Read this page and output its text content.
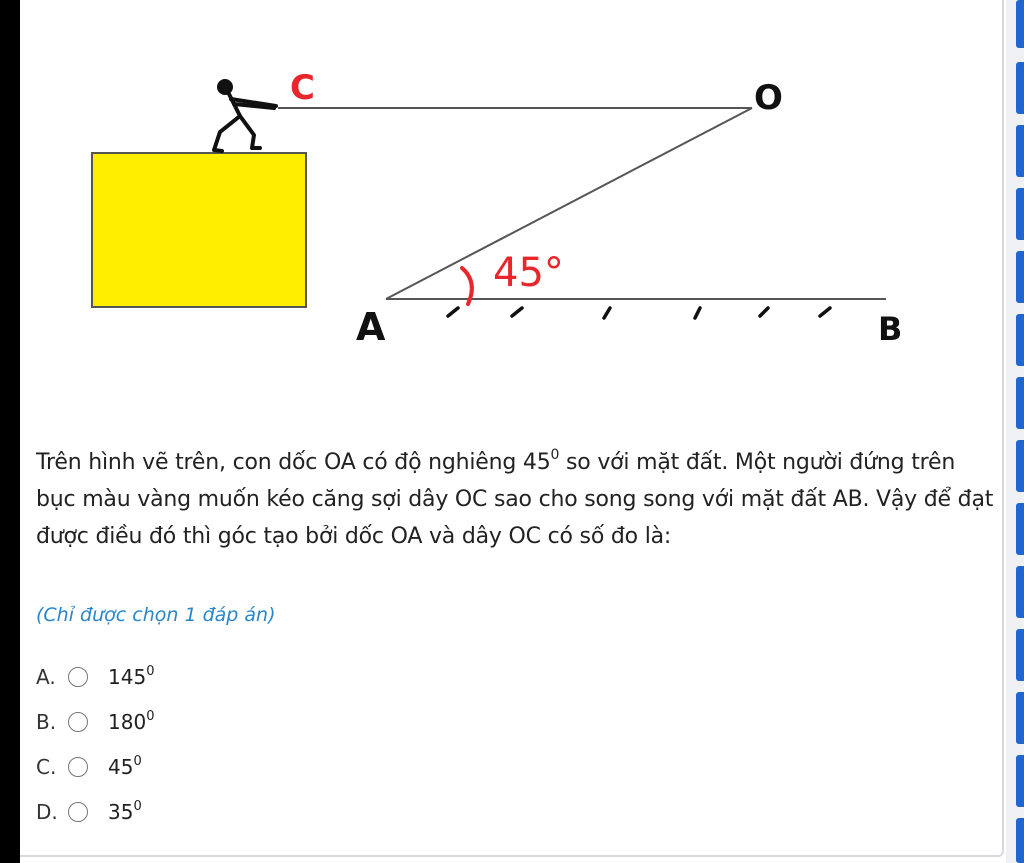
45°
C	O
A	B
Trên hình vẽ trên, con dốc OA có độ nghiêng $45^0$ so với mặt đất. Một người đứng trên bục màu vàng muốn kéo căng sợi dây OC sao cho song song với mặt đất AB. Vậy để đạt được điều đó thì góc tạo bởi dốc OA và dây OC có số đo là:
(Chỉ được chọn 1 đáp án)
A.	$145^0$
B.	$180^0$
C.	$45^0$
D.	$35^0$
